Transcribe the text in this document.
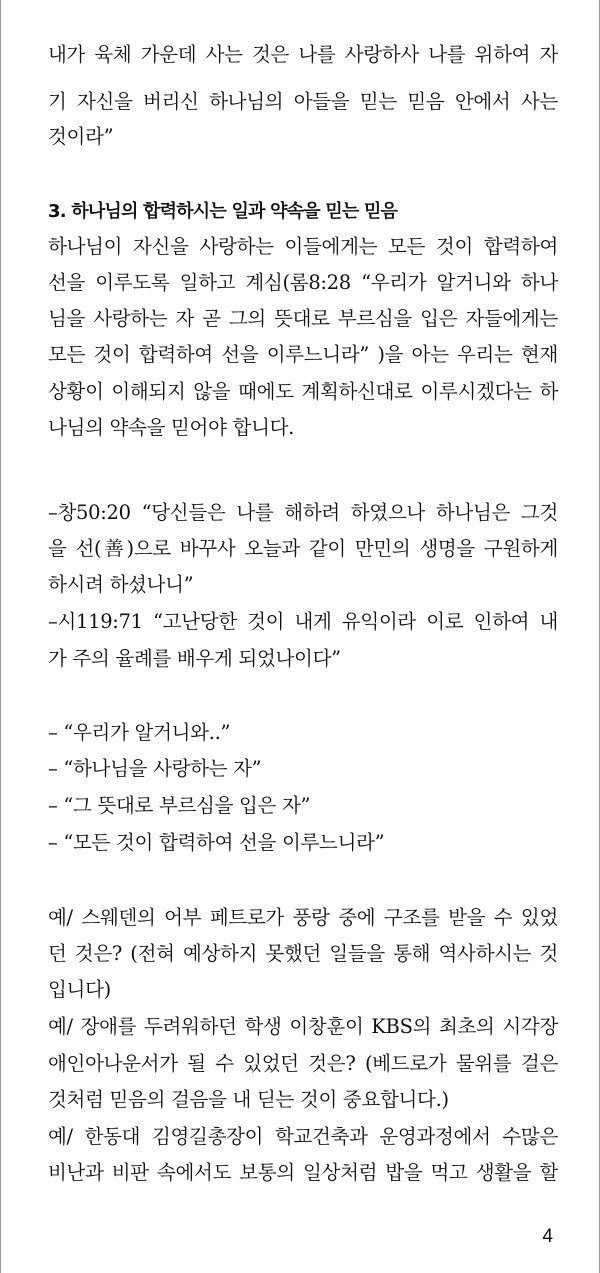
내가 육체 가운데 사는 것은 나를 사랑하사 나를 위하여 자
기 자신을 버리신 하나님의 아들을 믿는 믿음 안에서 사는
것이라”
3. 하나님의 합력하시는 일과 약속을 믿는 믿음
하나님이 자신을 사랑하는 이들에게는 모든 것이 합력하여
선을 이루도록 일하고 계심(롬8:28 “우리가 알거니와 하나
님을 사랑하는 자 곧 그의 뜻대로 부르심을 입은 자들에게는
모든 것이 합력하여 선을 이루느니라” )을 아는 우리는 현재
상황이 이해되지 않을 때에도 계획하신대로 이루시겠다는 하
나님의 약속을 믿어야 합니다.
–창50:20 “당신들은 나를 해하려 하였으나 하나님은 그것
을 선(善)으로 바꾸사 오늘과 같이 만민의 생명을 구원하게
하시려 하셨나니”
–시119:71 “고난당한 것이 내게 유익이라 이로 인하여 내
가 주의 율례를 배우게 되었나이다”
– “우리가 알거니와..”
– “하나님을 사랑하는 자”
– “그 뜻대로 부르심을 입은 자”
– “모든 것이 합력하여 선을 이루느니라”
예/ 스웨덴의 어부 페트로가 풍랑 중에 구조를 받을 수 있었
던 것은? (전혀 예상하지 못했던 일들을 통해 역사하시는 것
입니다)
예/ 장애를 두려워하던 학생 이창훈이 KBS의 최초의 시각장
애인아나운서가 될 수 있었던 것은? (베드로가 물위를 걸은
것처럼 믿음의 걸음을 내 딛는 것이 중요합니다.)
예/ 한동대 김영길총장이 학교건축과 운영과정에서 수많은
비난과 비판 속에서도 보통의 일상처럼 밥을 먹고 생활을 할
4
